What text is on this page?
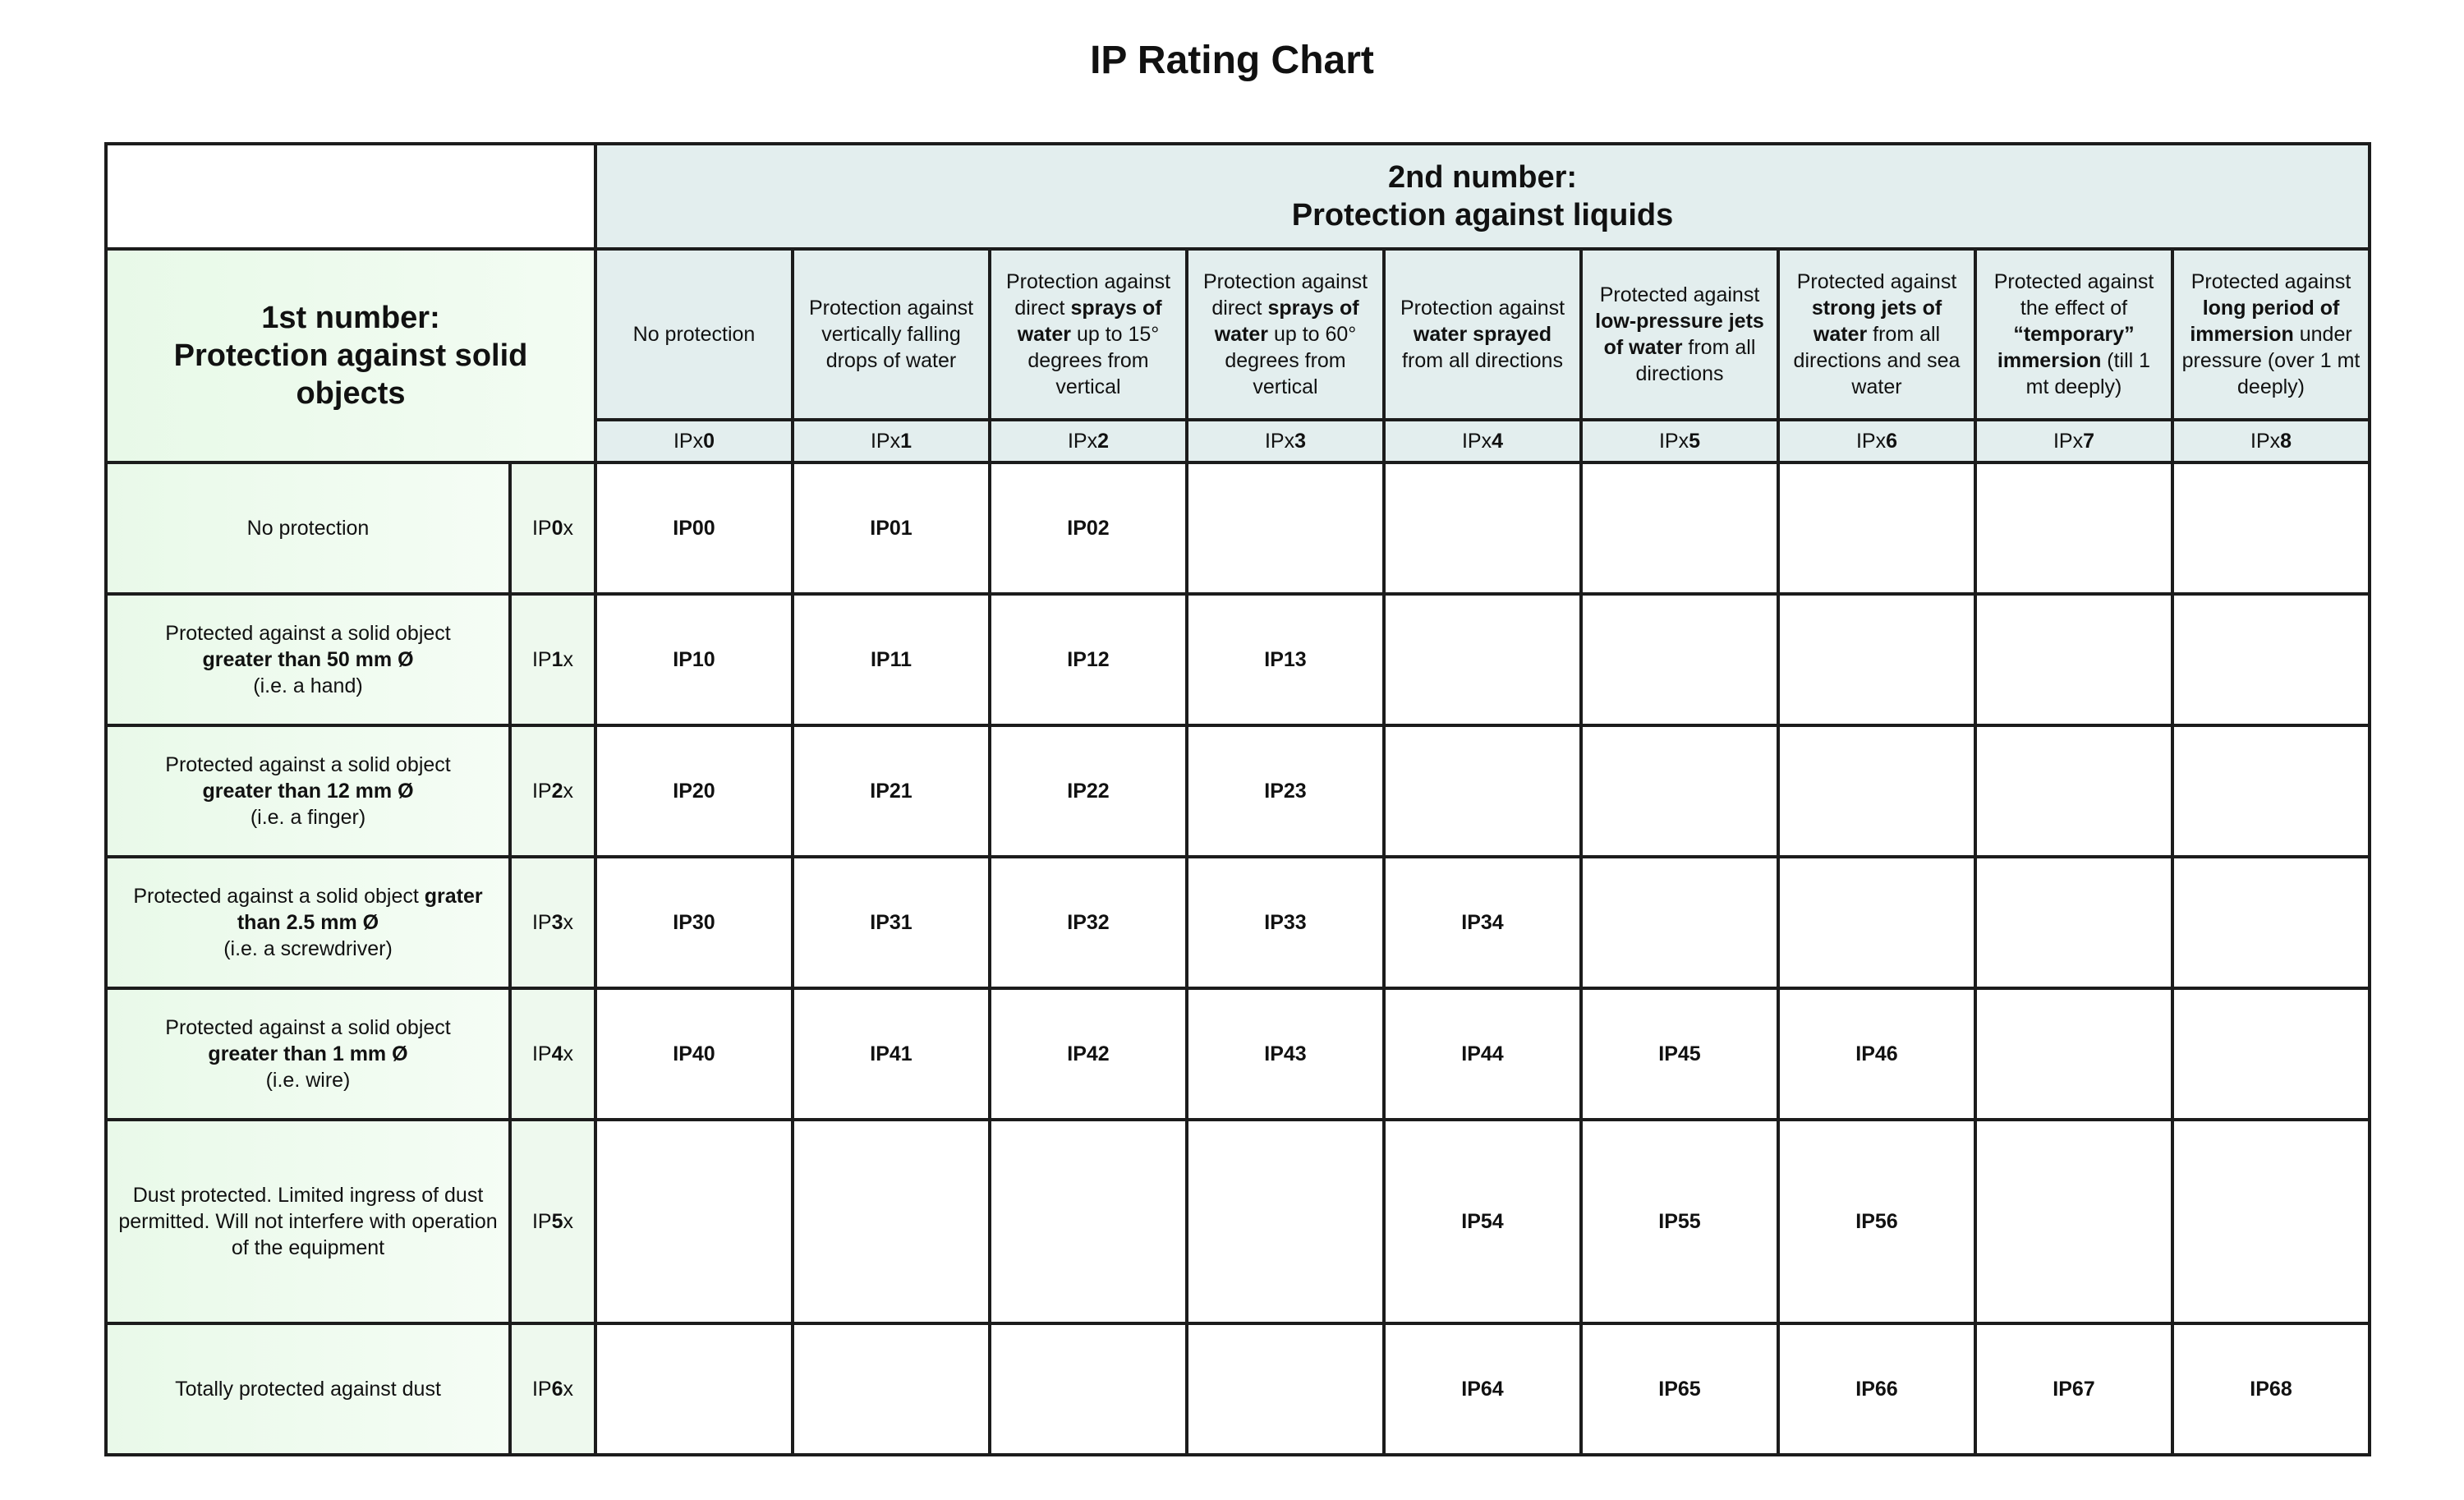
IP Rating Chart

		2nd number:
Protection against liquids								

1st number:
Protection against solid objects		No protection	Protection against vertically falling drops of water	Protection against direct sprays of water up to 15° degrees from vertical	Protection against direct sprays of water up to 60° degrees from vertical	Protection against water sprayed from all directions	Protected against low-pressure jets of water from all directions	Protected against strong jets of water from all directions and sea water	Protected against the effect of “temporary” immersion (till 1 mt deeply)	Protected against long period of immersion under pressure (over 1 mt deeply)
		IPx0	IPx1	IPx2	IPx3	IPx4	IPx5	IPx6	IPx7	IPx8
No protection	IP0x	IP00	IP01	IP02						
Protected against a solid object
greater than 50 mm Ø
(i.e. a hand)	IP1x	IP10	IP11	IP12	IP13					
Protected against a solid object
greater than 12 mm Ø
(i.e. a finger)	IP2x	IP20	IP21	IP22	IP23					
Protected against a solid object grater than 2.5 mm Ø
(i.e. a screwdriver)	IP3x	IP30	IP31	IP32	IP33	IP34				
Protected against a solid object
greater than 1 mm Ø
(i.e. wire)	IP4x	IP40	IP41	IP42	IP43	IP44	IP45	IP46		
Dust protected. Limited ingress of dust permitted. Will not interfere with operation of the equipment	IP5x					IP54	IP55	IP56		
Totally protected against dust	IP6x					IP64	IP65	IP66	IP67	IP68
